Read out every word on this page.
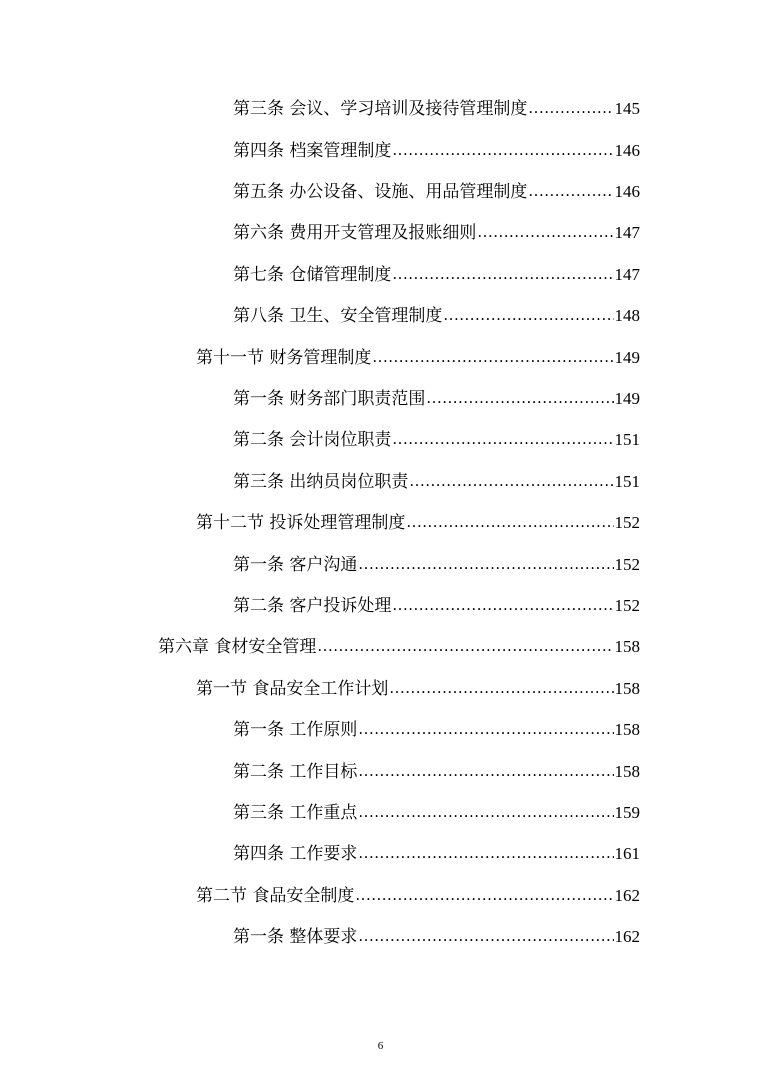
第三条 会议、学习培训及接待管理制度 .....	145
第四条 档案管理制度 .....	146
第五条 办公设备、设施、用品管理制度 .....	146
第六条 费用开支管理及报账细则 .....	147
第七条 仓储管理制度 .....	147
第八条 卫生、安全管理制度 .....	148
第十一节 财务管理制度 .....	149
第一条 财务部门职责范围 .....	149
第二条 会计岗位职责 .....	151
第三条 出纳员岗位职责 .....	151
第十二节 投诉处理管理制度 .....	152
第一条 客户沟通 .....	152
第二条 客户投诉处理 .....	152
第六章 食材安全管理 .....	158
第一节 食品安全工作计划 .....	158
第一条 工作原则 .....	158
第二条 工作目标 .....	158
第三条 工作重点 .....	159
第四条 工作要求 .....	161
第二节 食品安全制度 .....	162
第一条 整体要求 .....	162
6
